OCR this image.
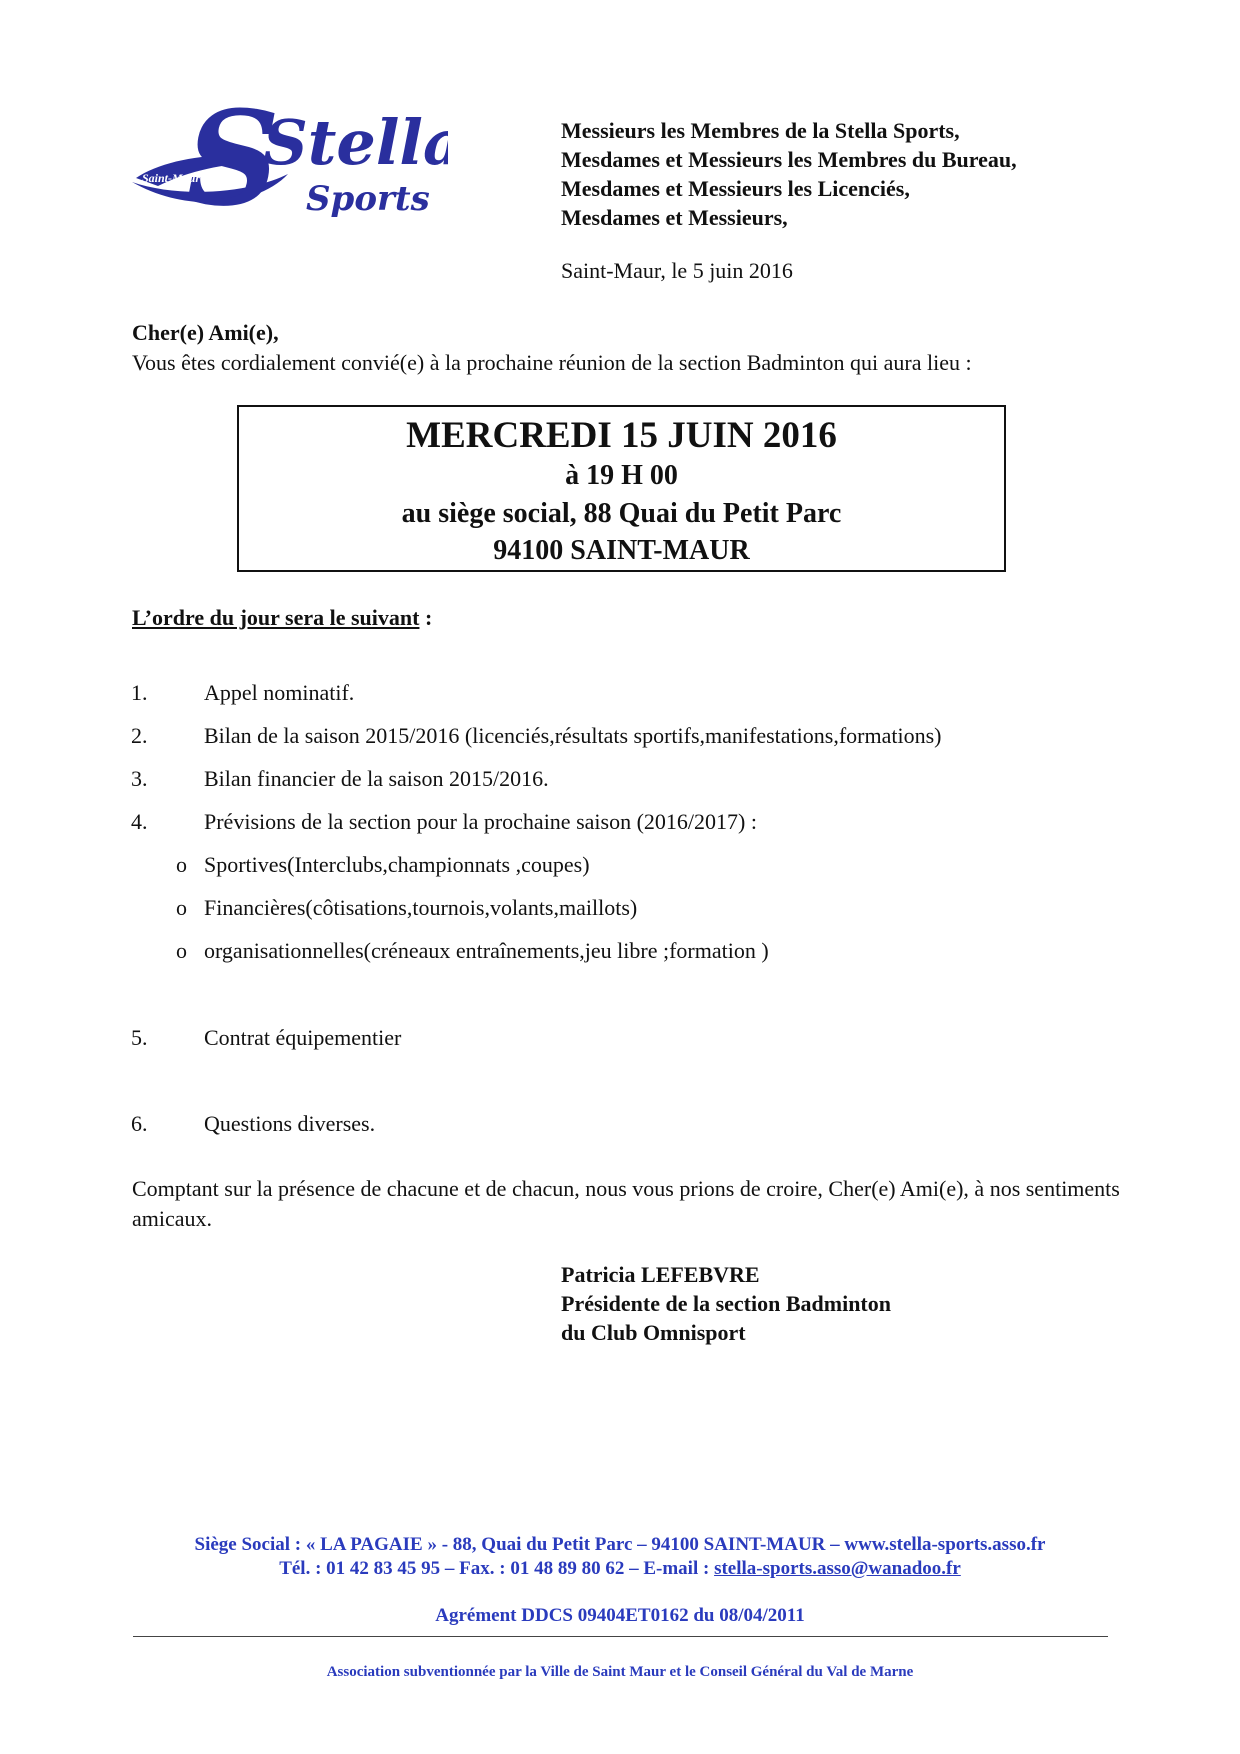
S
Stella
Sports
Saint-Maur
Messieurs les Membres de la Stella Sports,
Mesdames et Messieurs les Membres du Bureau,
Mesdames et Messieurs les Licenciés,
Mesdames et Messieurs,
Saint-Maur, le 5 juin 2016
Cher(e) Ami(e),
Vous êtes cordialement convié(e) à la prochaine réunion de la section Badminton qui aura lieu :
MERCREDI 15 JUIN 2016
à 19 H 00
au siège social, 88 Quai du Petit Parc
94100 SAINT-MAUR
L’ordre du jour sera le suivant :
1.	Appel nominatif.
2.	Bilan de la saison 2015/2016 (licenciés,résultats sportifs,manifestations,formations)
3.	Bilan financier de la saison 2015/2016.
4.	Prévisions de la section pour la prochaine saison (2016/2017) :
o Sportives(Interclubs,championnats ,coupes)
o Financières(côtisations,tournois,volants,maillots)
o organisationnelles(créneaux entraînements,jeu libre ;formation )
5.	Contrat équipementier
6.	Questions diverses.
Comptant sur la présence de chacune et de chacun, nous vous prions de croire, Cher(e) Ami(e), à nos sentiments amicaux.
Patricia LEFEBVRE
Présidente de la section Badminton
du Club Omnisport
Siège Social : « LA PAGAIE » - 88, Quai du Petit Parc – 94100 SAINT-MAUR – www.stella-sports.asso.fr
Tél. : 01 42 83 45 95 – Fax. : 01 48 89 80 62 – E-mail : stella-sports.asso@wanadoo.fr
Agrément DDCS 09404ET0162 du 08/04/2011
Association subventionnée par la Ville de Saint Maur et le Conseil Général du Val de Marne
